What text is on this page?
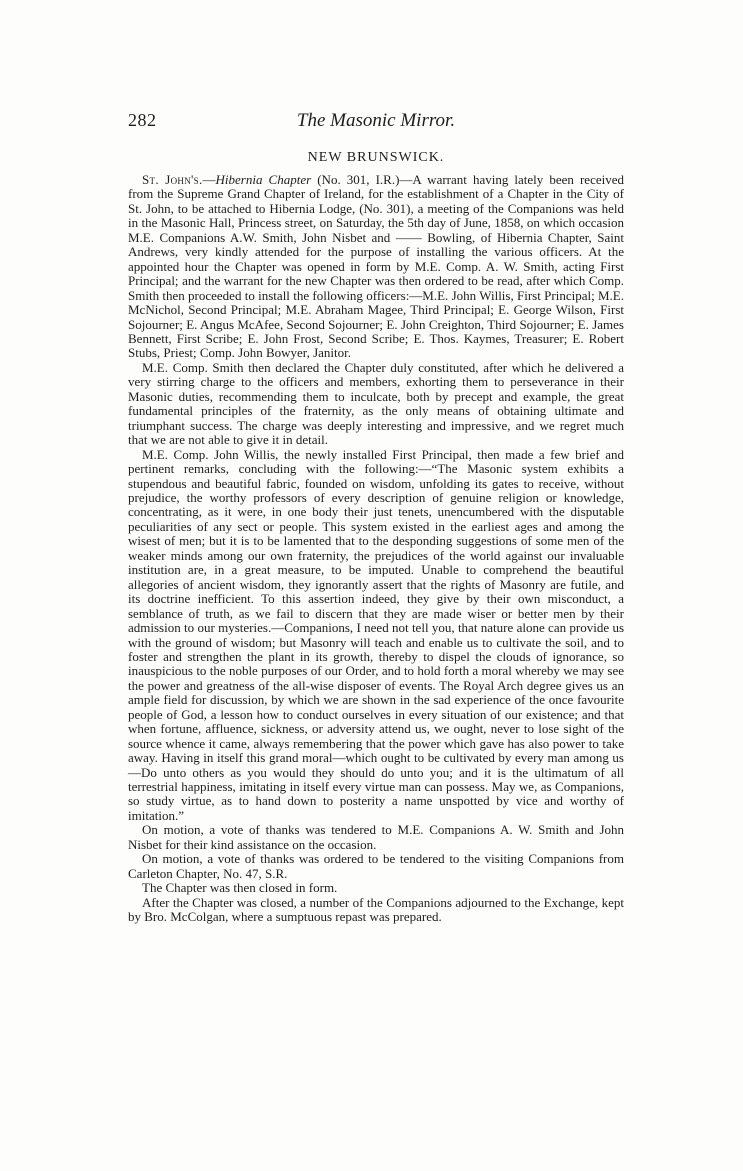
282	The Masonic Mirror.
NEW BRUNSWICK.

St. John's.—Hibernia Chapter (No. 301, I.R.)—A warrant having lately been received from the Supreme Grand Chapter of Ireland, for the establishment of a Chapter in the City of St. John, to be attached to Hibernia Lodge, (No. 301), a meeting of the Companions was held in the Masonic Hall, Princess street, on Saturday, the 5th day of June, 1858, on which occasion M.E. Companions A.W. Smith, John Nisbet and —— Bowling, of Hibernia Chapter, Saint Andrews, very kindly attended for the purpose of installing the various officers. At the appointed hour the Chapter was opened in form by M.E. Comp. A. W. Smith, acting First Principal; and the warrant for the new Chapter was then ordered to be read, after which Comp. Smith then proceeded to install the following officers:—M.E. John Willis, First Principal; M.E. McNichol, Second Principal; M.E. Abraham Magee, Third Principal; E. George Wilson, First Sojourner; E. Angus McAfee, Second Sojourner; E. John Creighton, Third Sojourner; E. James Bennett, First Scribe; E. John Frost, Second Scribe; E. Thos. Kaymes, Treasurer; E. Robert Stubs, Priest; Comp. John Bowyer, Janitor.

M.E. Comp. Smith then declared the Chapter duly constituted, after which he delivered a very stirring charge to the officers and members, exhorting them to perseverance in their Masonic duties, recommending them to inculcate, both by precept and example, the great fundamental principles of the fraternity, as the only means of obtaining ultimate and triumphant success. The charge was deeply interesting and impressive, and we regret much that we are not able to give it in detail.

M.E. Comp. John Willis, the newly installed First Principal, then made a few brief and pertinent remarks, concluding with the following:—“The Masonic system exhibits a stupendous and beautiful fabric, founded on wisdom, unfolding its gates to receive, without prejudice, the worthy professors of every description of genuine religion or knowledge, concentrating, as it were, in one body their just tenets, unencumbered with the disputable peculiarities of any sect or people. This system existed in the earliest ages and among the wisest of men; but it is to be lamented that to the desponding suggestions of some men of the weaker minds among our own fraternity, the prejudices of the world against our invaluable institution are, in a great measure, to be imputed. Unable to comprehend the beautiful allegories of ancient wisdom, they ignorantly assert that the rights of Masonry are futile, and its doctrine inefficient. To this assertion indeed, they give by their own misconduct, a semblance of truth, as we fail to discern that they are made wiser or better men by their admission to our mysteries.—Companions, I need not tell you, that nature alone can provide us with the ground of wisdom; but Masonry will teach and enable us to cultivate the soil, and to foster and strengthen the plant in its growth, thereby to dispel the clouds of ignorance, so inauspicious to the noble purposes of our Order, and to hold forth a moral whereby we may see the power and greatness of the all-wise disposer of events. The Royal Arch degree gives us an ample field for discussion, by which we are shown in the sad experience of the once favourite people of God, a lesson how to conduct ourselves in every situation of our existence; and that when fortune, affluence, sickness, or adversity attend us, we ought, never to lose sight of the source whence it came, always remembering that the power which gave has also power to take away. Having in itself this grand moral—which ought to be cultivated by every man among us—Do unto others as you would they should do unto you; and it is the ultimatum of all terrestrial happiness, imitating in itself every virtue man can possess. May we, as Companions, so study virtue, as to hand down to posterity a name unspotted by vice and worthy of imitation.”

On motion, a vote of thanks was tendered to M.E. Companions A. W. Smith and John Nisbet for their kind assistance on the occasion.

On motion, a vote of thanks was ordered to be tendered to the visiting Companions from Carleton Chapter, No. 47, S.R.

The Chapter was then closed in form.

After the Chapter was closed, a number of the Companions adjourned to the Exchange, kept by Bro. McColgan, where a sumptuous repast was prepared.
